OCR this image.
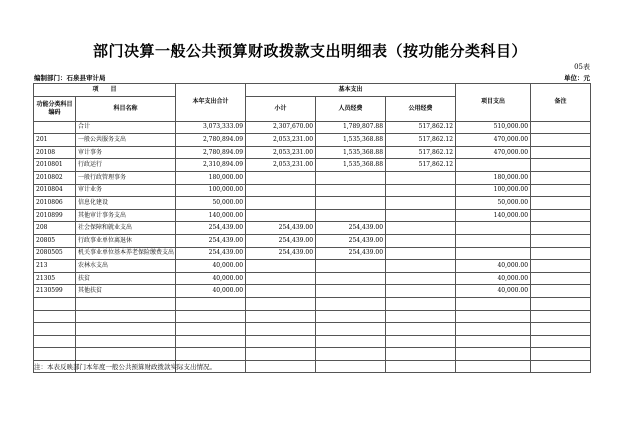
部门决算一般公共预算财政拨款支出明细表（按功能分类科目）
05表
编制部门：石泉县审计局	单位：元
项　　目		本年支出合计	基本支出			项目支出	备注
功能分类科目编码	科目名称		小计	人员经费	公用经费		

	合计	3,073,333.09	2,307,670.00	1,789,807.88	517,862.12	510,000.00	
201	一般公共服务支出	2,780,894.09	2,053,231.00	1,535,368.88	517,862.12	470,000.00	
20108	审计事务	2,780,894.09	2,053,231.00	1,535,368.88	517,862.12	470,000.00	
2010801	行政运行	2,310,894.09	2,053,231.00	1,535,368.88	517,862.12		
2010802	一般行政管理事务	180,000.00				180,000.00	
2010804	审计业务	100,000.00				100,000.00	
2010806	信息化建设	50,000.00				50,000.00	
2010899	其他审计事务支出	140,000.00				140,000.00	
208	社会保障和就业支出	254,439.00	254,439.00	254,439.00			
20805	行政事业单位离退休	254,439.00	254,439.00	254,439.00			
2080505	机关事业单位基本养老保险缴费支出	254,439.00	254,439.00	254,439.00			
213	农林水支出	40,000.00				40,000.00	
21305	扶贫	40,000.00				40,000.00	
2130599	其他扶贫	40,000.00				40,000.00	

注：本表反映部门本年度一般公共预算财政拨款实际支出情况。
